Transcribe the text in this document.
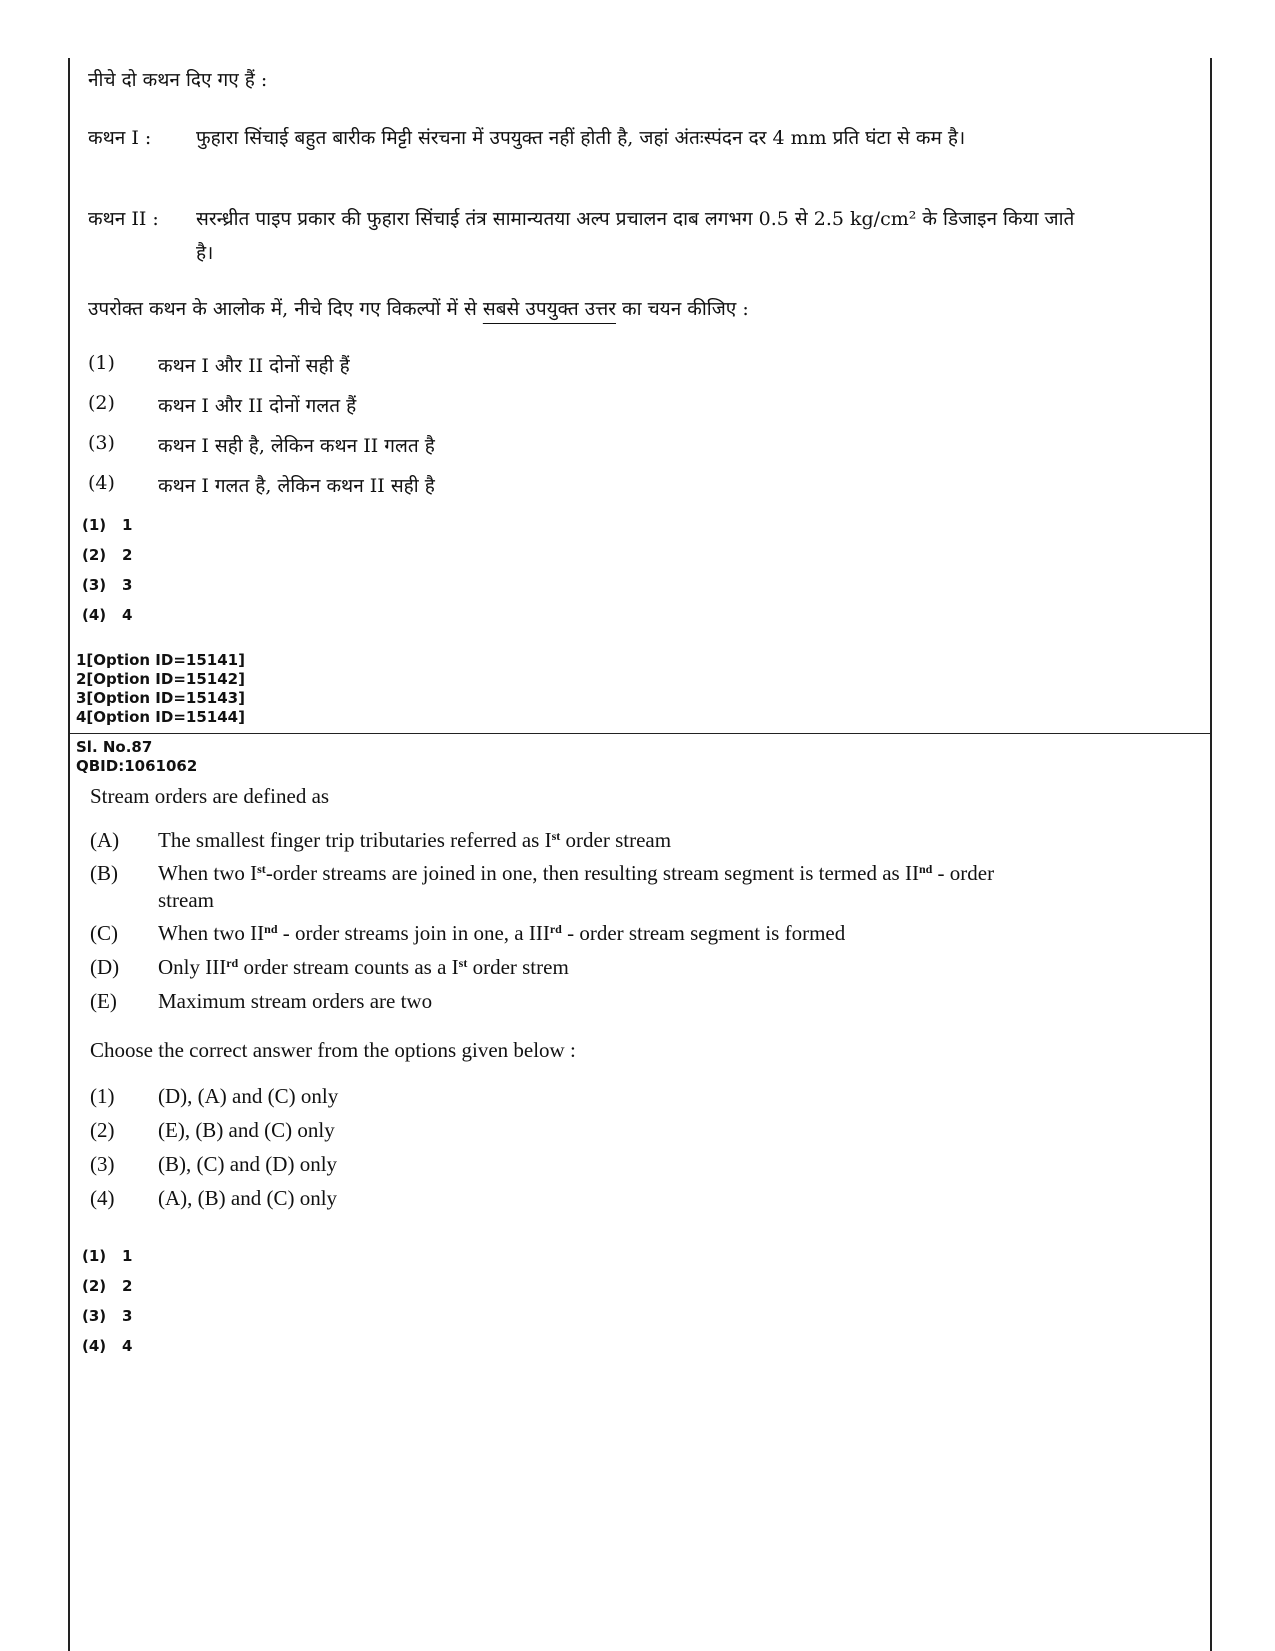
नीचे दो कथन दिए गए हैं :
कथन I :	फुहारा सिंचाई बहुत बारीक मिट्टी संरचना में उपयुक्त नहीं होती है, जहां अंतःस्पंदन दर 4 mm प्रति घंटा से कम है।
कथन II :	सरन्ध्रीत पाइप प्रकार की फुहारा सिंचाई तंत्र सामान्यतया अल्प प्रचालन दाब लगभग 0.5 से 2.5 kg/cm² के डिजाइन किया जाते है।
उपरोक्त कथन के आलोक में, नीचे दिए गए विकल्पों में से सबसे उपयुक्त उत्तर का चयन कीजिए :
(1)	कथन I और II दोनों सही हैं
(2)	कथन I और II दोनों गलत हैं
(3)	कथन I सही है, लेकिन कथन II गलत है
(4)	कथन I गलत है, लेकिन कथन II सही है
(1) 1
(2) 2
(3) 3
(4) 4
1[Option ID=15141]
2[Option ID=15142]
3[Option ID=15143]
4[Option ID=15144]
Sl. No.87
QBID:1061062
Stream orders are defined as
(A)	The smallest finger trip tributaries referred as Ist order stream
(B)	When two Ist-order streams are joined in one, then resulting stream segment is termed as IInd - order stream
(C)	When two IInd - order streams join in one, a IIIrd - order stream segment is formed
(D)	Only IIIrd order stream counts as a Ist order strem
(E)	Maximum stream orders are two
Choose the correct answer from the options given below :
(1)	(D), (A) and (C) only
(2)	(E), (B) and (C) only
(3)	(B), (C) and (D) only
(4)	(A), (B) and (C) only
(1) 1
(2) 2
(3) 3
(4) 4
